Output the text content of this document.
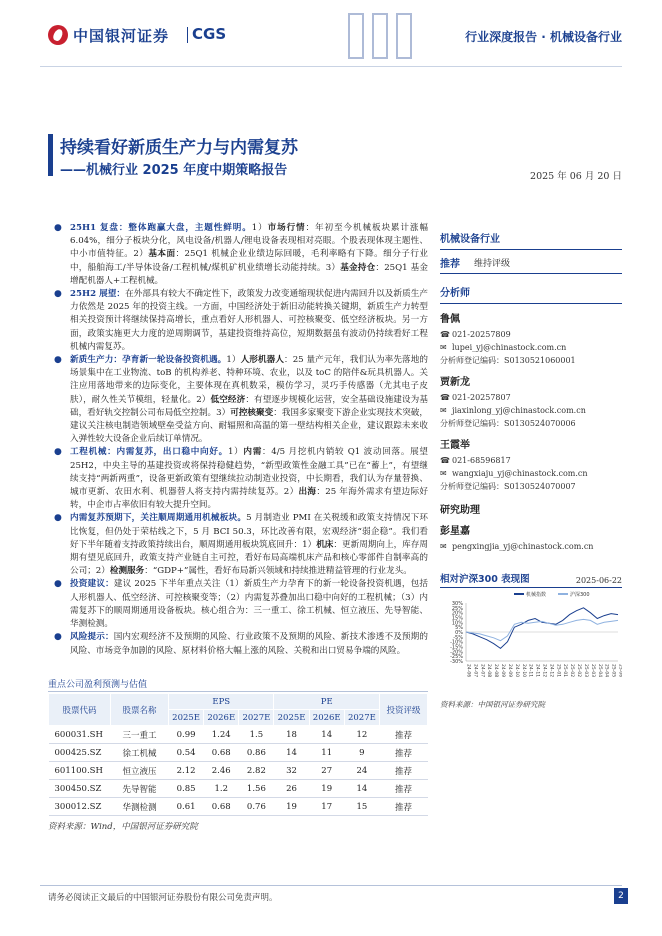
中国银河证券 CGS	行业深度报告 · 机械设备行业
持续看好新质生产力与内需复苏
——机械行业 2025 年度中期策略报告	2025 年 06 月 20 日
● 25H1 复盘：整体跑赢大盘，主题性鲜明。1）市场行情：年初至今机械板块累计涨幅 6.04%，细分子板块分化，风电设备/机器人/锂电设备表现相对亮眼。个股表现体现主题性、中小市值特征。2）基本面：25Q1 机械企业业绩边际回暖，毛利率略有下降。细分子行业中，船舶海工/半导体设备/工程机械/煤机矿机业绩增长动能持续。3）基金持仓：25Q1 基金增配机器人+工程机械。
● 25H2 展望：在外部具有较大不确定性下，政策发力改变通缩现状促进内需回升以及新质生产力依然是 2025 年的投资主线。一方面，中国经济处于新旧动能转换关键期，新质生产力转型相关投资预计将继续保持高增长，重点看好人形机器人、可控核聚变、低空经济板块。另一方面，政策实施更大力度的逆周期调节，基建投资维持高位，短期数据虽有波动仍持续看好工程机械内需复苏。
● 新质生产力：孕育新一轮设备投资机遇。1）人形机器人：25 量产元年，我们认为率先落地的场景集中在工业物流、toB 的机构养老、特种环境、农业，以及 toC 的陪伴&玩具机器人。关注应用落地带来的边际变化，主要体现在真机数采，模仿学习，灵巧手传感器（尤其电子皮肤），耐久性关节模组，轻量化。2）低空经济：有望逐步规模化运营，安全基础设施建设为基础，看好轨交控制公司布局低空控制。3）可控核聚变：我国多家聚变下游企业实现技术突破，建议关注核电制造领域壁垒受益方向、耐辐照和高温的第一壁结构相关企业，建议跟踪未来收入弹性较大设备企业后续订单情况。
● 工程机械：内需复苏，出口稳中向好。1）内需：4/5 月挖机内销较 Q1 波动回落。展望 25H2，中央主导的基建投资或将保持稳健趋势，“新型政策性金融工具”已在“蓄上”，有望继续支持“两新两重”，设备更新政策有望继续拉动制造业投资，中长期看，我们认为存量替换、城市更新、农田水利、机器替人将支持内需持续复苏。2）出海：25 年海外需求有望边际好转，中企市占率依旧有较大提升空间。
● 内需复苏预期下，关注顺周期通用机械板块。5 月制造业 PMI 在关税缓和政策支持情况下环比恢复，但仍处于荣枯线之下，5 月 BCI 50.3，环比改善有限，宏观经济“弱企稳”。我们看好下半年随着支持政策持续出台，顺周期通用板块筑底回升：1）机床：更新周期向上，库存周期有望见底回升，政策支持产业链自主可控，看好布局高端机床产品和核心零部件自制率高的公司；2）检测服务：“GDP+”属性，看好布局新兴领域和持续推进精益管理的行业龙头。
● 投资建议：建议 2025 下半年重点关注（1）新质生产力孕育下的新一轮设备投资机遇，包括人形机器人、低空经济、可控核聚变等；（2）内需复苏叠加出口稳中向好的工程机械；（3）内需复苏下的顺周期通用设备板块。核心组合为：三一重工、徐工机械、恒立液压、先导智能、华测检测。
● 风险提示：国内宏观经济不及预期的风险、行业政策不及预期的风险、新技术渗透不及预期的风险、市场竞争加剧的风险、原材料价格大幅上涨的风险、关税和出口贸易争端的风险。
重点公司盈利预测与估值
股票代码	股票名称	EPS			PE			投资评级
		2025E	2026E	2027E	2025E	2026E	2027E	
600031.SH	三一重工	0.99	1.24	1.5	18	14	12	推荐
000425.SZ	徐工机械	0.54	0.68	0.86	14	11	9	推荐
601100.SH	恒立液压	2.12	2.46	2.82	32	27	24	推荐
300450.SZ	先导智能	0.85	1.2	1.56	26	19	14	推荐
300012.SZ	华测检测	0.61	0.68	0.76	19	17	15	推荐
资料来源：Wind，中国银河证券研究院
机械设备行业
推荐 维持评级
分析师
鲁佩
☎ 021-20257809
✉ lupei_yj@chinastock.com.cn
分析师登记编码：S0130521060001
贾新龙
☎ 021-20257807
✉ jiaxinlong_yj@chinastock.com.cn
分析师登记编码：S0130524070006
王霞举
☎ 021-68596817
✉ wangxiaju_yj@chinastock.com.cn
分析师登记编码：S0130524070007
研究助理
彭星嘉
✉ pengxingjia_yj@chinastock.com.cn
相对沪深300 表现图	2025-06-22
30%
25%
20%
15%
10%
5%
0%
-5%
-10%
-15%
-20%
-25%
-30%
24-06 24-07 24-07 24-08 24-08 24-09 24-09 24-10 24-10 24-11 24-11 24-12 24-12 25-01 25-01 25-02 25-02 25-03 25-03 25-04 25-04 25-05 25-06
机械指数	沪深300
资料来源：中国银河证券研究院
请务必阅读正文最后的中国银河证券股份有限公司免责声明。	2
